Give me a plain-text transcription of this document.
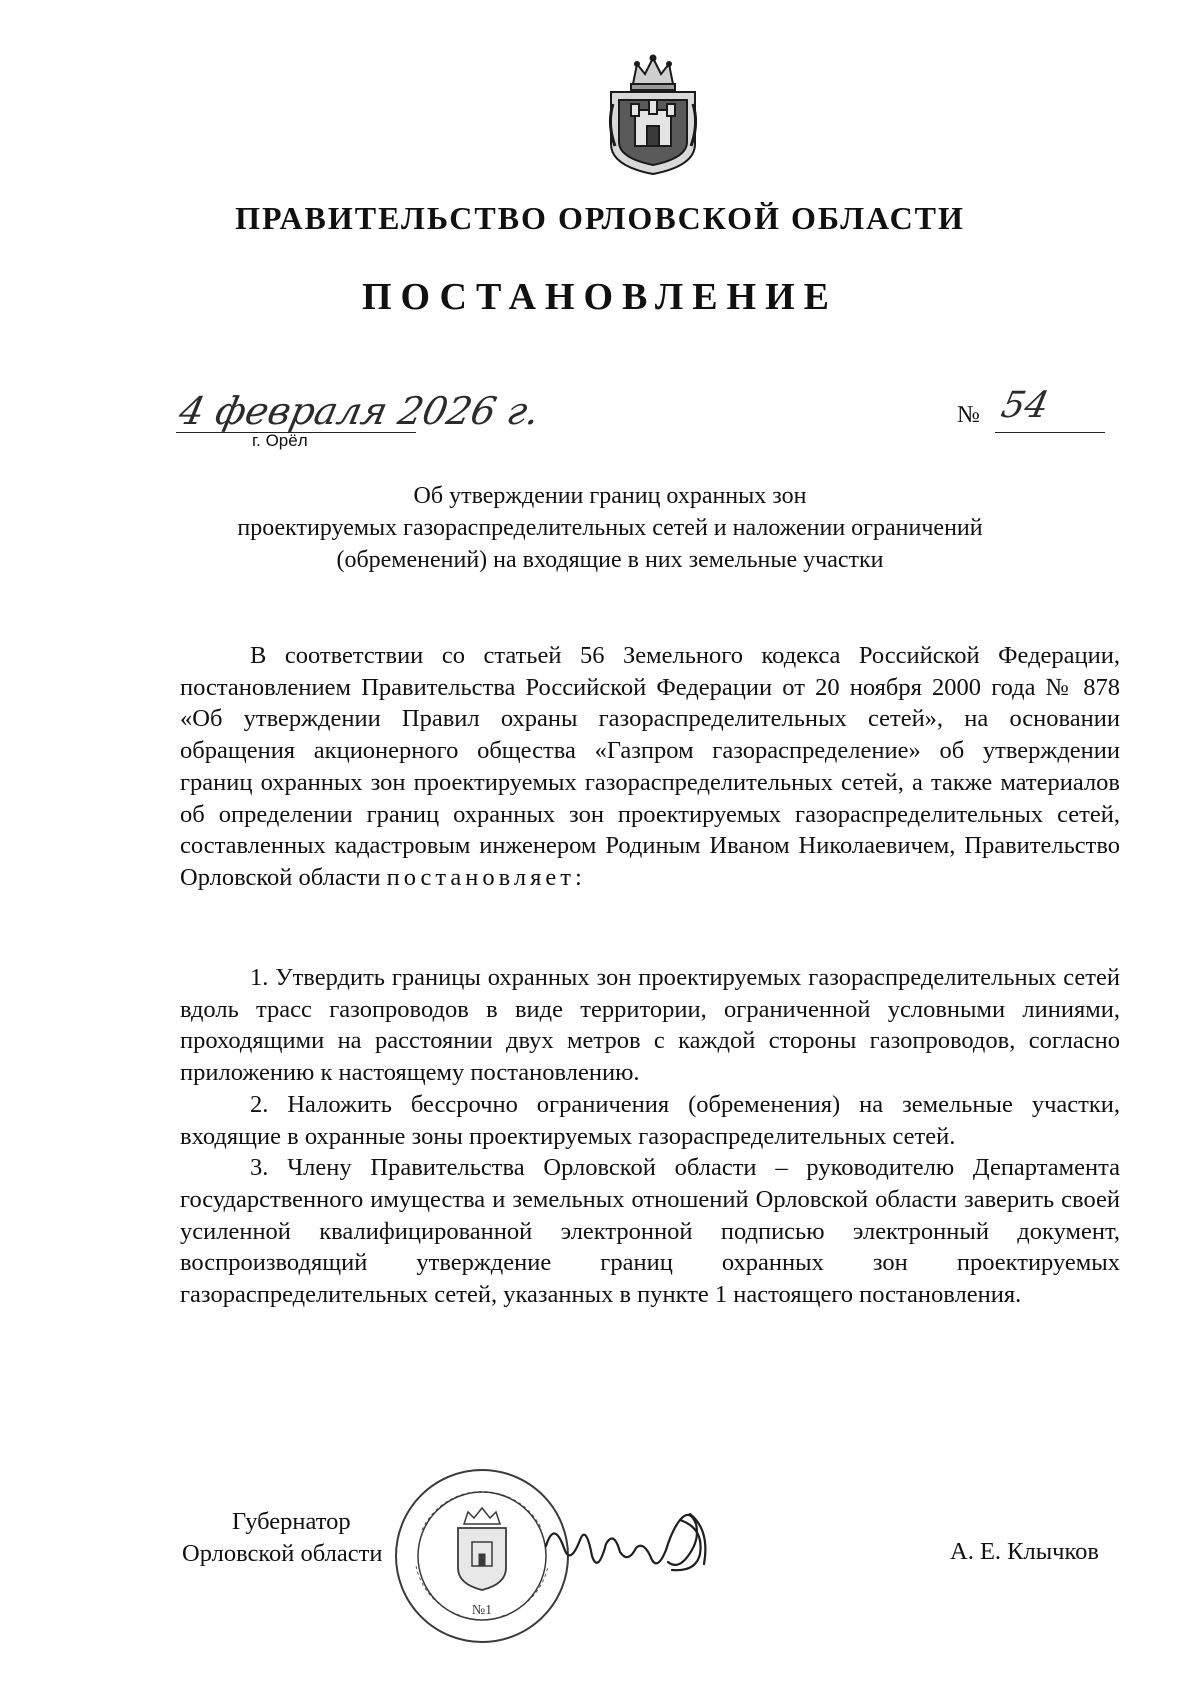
ПРАВИТЕЛЬСТВО ОРЛОВСКОЙ ОБЛАСТИ
ПОСТАНОВЛЕНИЕ
4 февраля 2026 г.
г. Орёл
№ 54
Об утверждении границ охранных зон
проектируемых газораспределительных сетей и наложении ограничений
(обременений) на входящие в них земельные участки

В соответствии со статьей 56 Земельного кодекса Российской Федерации, постановлением Правительства Российской Федерации от 20 ноября 2000 года № 878 «Об утверждении Правил охраны газораспределительных сетей», на основании обращения акционерного общества «Газпром газораспределение» об утверждении границ охранных зон проектируемых газораспределительных сетей, а также материалов об определении границ охранных зон проектируемых газораспределительных сетей, составленных кадастровым инженером Родиным Иваном Николаевичем, Правительство Орловской области постановляет:

1. Утвердить границы охранных зон проектируемых газораспределительных сетей вдоль трасс газопроводов в виде территории, ограниченной условными линиями, проходящими на расстоянии двух метров с каждой стороны газопроводов, согласно приложению к настоящему постановлению.

2. Наложить бессрочно ограничения (обременения) на земельные участки, входящие в охранные зоны проектируемых газораспределительных сетей.

3. Члену Правительства Орловской области – руководителю Департамента государственного имущества и земельных отношений Орловской области заверить своей усиленной квалифицированной электронной подписью электронный документ, воспроизводящий утверждение границ охранных зон проектируемых газораспределительных сетей, указанных в пункте 1 настоящего постановления.

№1
Губернатор
Орловской области	А. Е. Клычков
